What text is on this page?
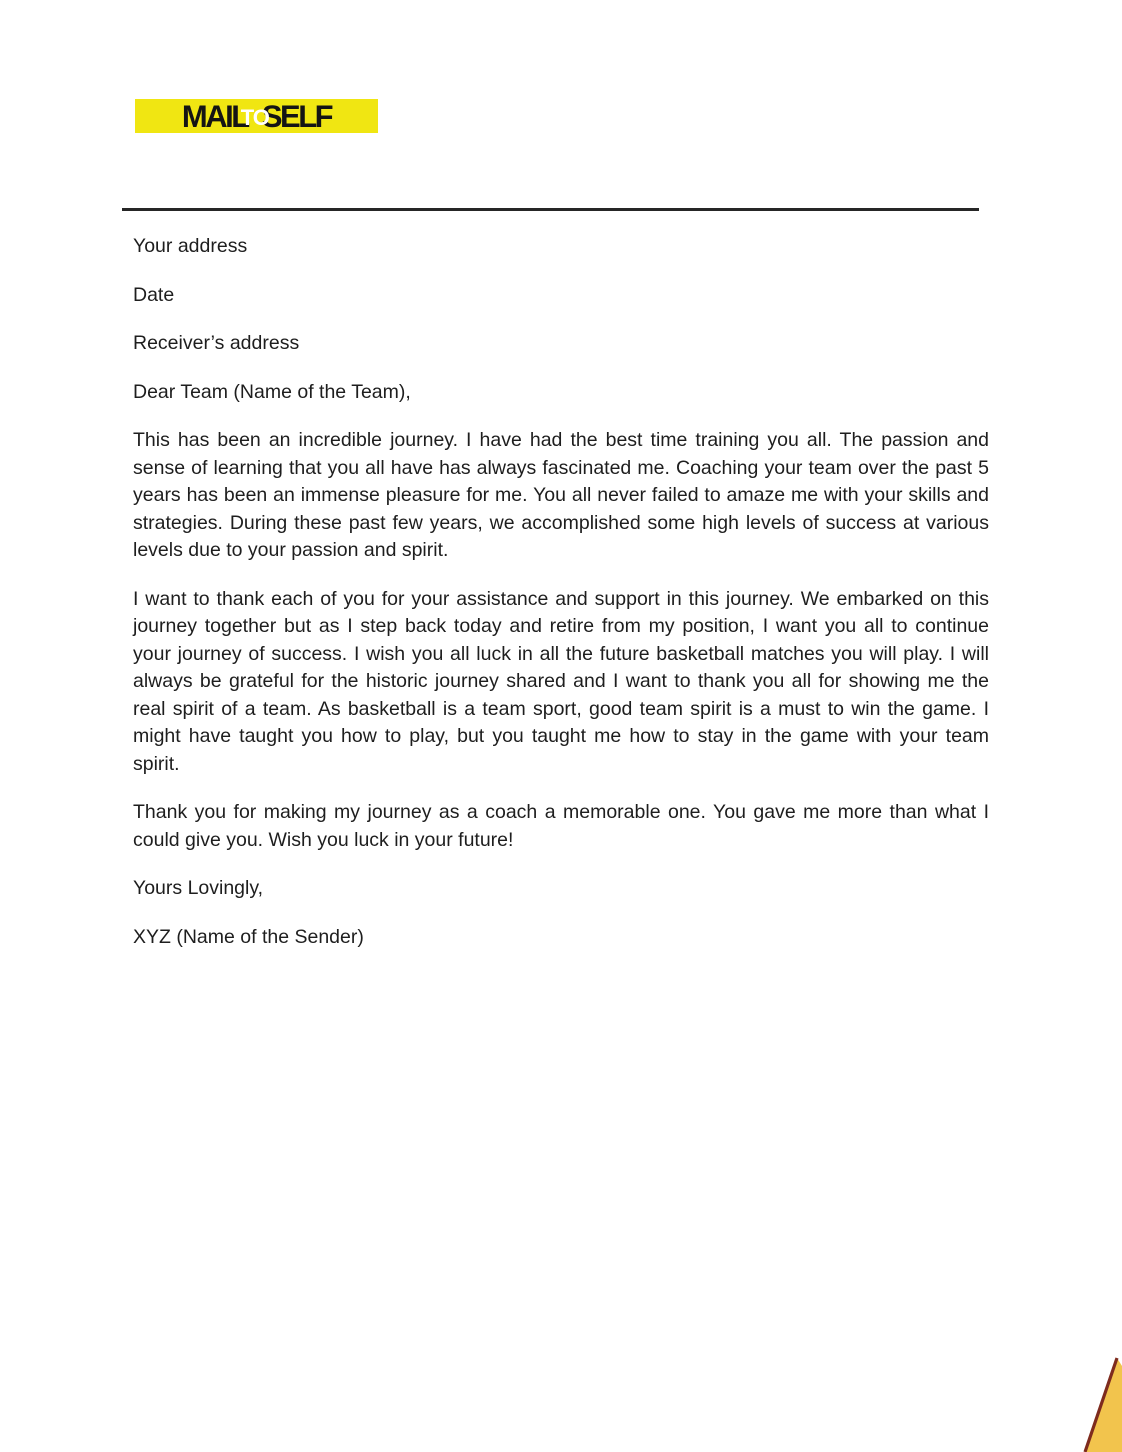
MAIL
TO
SELF

Your address

Date

Receiver’s address

Dear Team (Name of the Team),

This has been an incredible journey. I have had the best time training you all. The passion and sense of learning that you all have has always fascinated me. Coaching your team over the past 5 years has been an immense pleasure for me. You all never failed to amaze me with your skills and strategies. During these past few years, we accomplished some high levels of success at various levels due to your passion and spirit.

I want to thank each of you for your assistance and support in this journey. We embarked on this journey together but as I step back today and retire from my position, I want you all to continue your journey of success. I wish you all luck in all the future basketball matches you will play. I will always be grateful for the historic journey shared and I want to thank you all for showing me the real spirit of a team. As basketball is a team sport, good team spirit is a must to win the game. I might have taught you how to play, but you taught me how to stay in the game with your team spirit.

Thank you for making my journey as a coach a memorable one. You gave me more than what I could give you. Wish you luck in your future!

Yours Lovingly,

XYZ (Name of the Sender)
